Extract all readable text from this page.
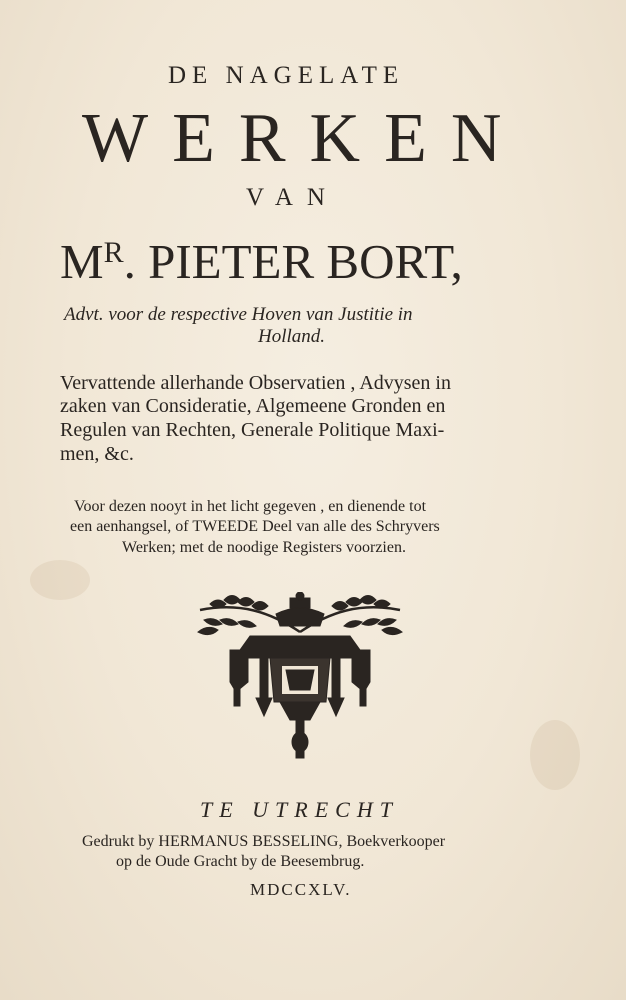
DE NAGELATE
WERKEN
VAN
$M^R$. PIETER BORT,
Advt. voor de respective Hoven van Justitie in
Holland.
Vervattende allerhande Observatien , Advysen in
zaken van Consideratie, Algemeene Gronden en
Regulen van Rechten, Generale Politique Maxi-
men, &c.
Voor dezen nooyt in het licht gegeven , en dienende tot
een aenhangsel, of TWEEDE Deel van alle des Schryvers
Werken; met de noodige Registers voorzien.
TE UTRECHT
Gedrukt by HERMANUS BESSELING, Boekverkooper
op de Oude Gracht by de Beesembrug.
MDCCXLV.
